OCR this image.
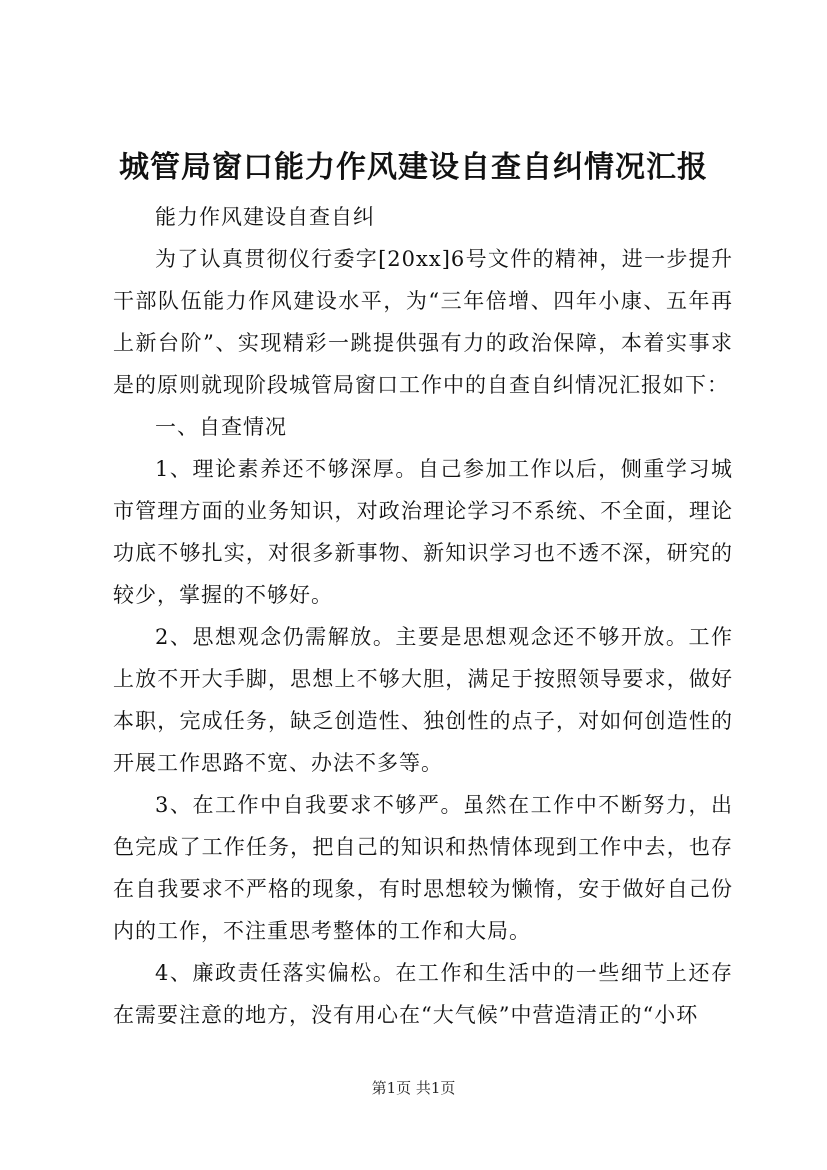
城管局窗口能力作风建设自查自纠情况汇报

能力作风建设自查自纠

为了认真贯彻仪行委字[20xx]6号文件的精神，进一步提升干部队伍能力作风建设水平，为“三年倍增、四年小康、五年再上新台阶”、实现精彩一跳提供强有力的政治保障，本着实事求是的原则就现阶段城管局窗口工作中的自查自纠情况汇报如下：

一、自查情况

1、理论素养还不够深厚。自己参加工作以后，侧重学习城市管理方面的业务知识，对政治理论学习不系统、不全面，理论功底不够扎实，对很多新事物、新知识学习也不透不深，研究的较少，掌握的不够好。

2、思想观念仍需解放。主要是思想观念还不够开放。工作上放不开大手脚，思想上不够大胆，满足于按照领导要求，做好本职，完成任务，缺乏创造性、独创性的点子，对如何创造性的开展工作思路不宽、办法不多等。

3、在工作中自我要求不够严。虽然在工作中不断努力，出色完成了工作任务，把自己的知识和热情体现到工作中去，也存在自我要求不严格的现象，有时思想较为懒惰，安于做好自己份内的工作，不注重思考整体的工作和大局。

4、廉政责任落实偏松。在工作和生活中的一些细节上还存在需要注意的地方，没有用心在“大气候”中营造清正的“小环

第1页 共1页
